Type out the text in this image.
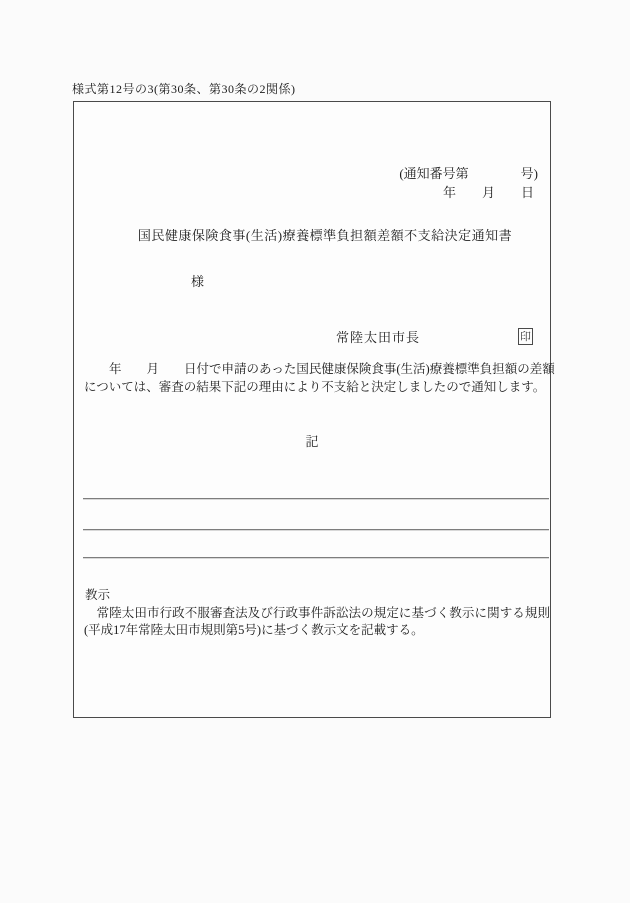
様式第12号の3(第30条、第30条の2関係)
(通知番号第　　　　号)
年　　月　　日
国民健康保険食事(生活)療養標準負担額差額不支給決定通知書
様
常陸太田市長	印
　　年　　月　　日付で申請のあった国民健康保険食事(生活)療養標準負担額の差額
については、審査の結果下記の理由により不支給と決定しましたので通知します。
記
教示
　常陸太田市行政不服審査法及び行政事件訴訟法の規定に基づく教示に関する規則(平成17年常陸太田市規則第5号)に基づく教示文を記載する。
